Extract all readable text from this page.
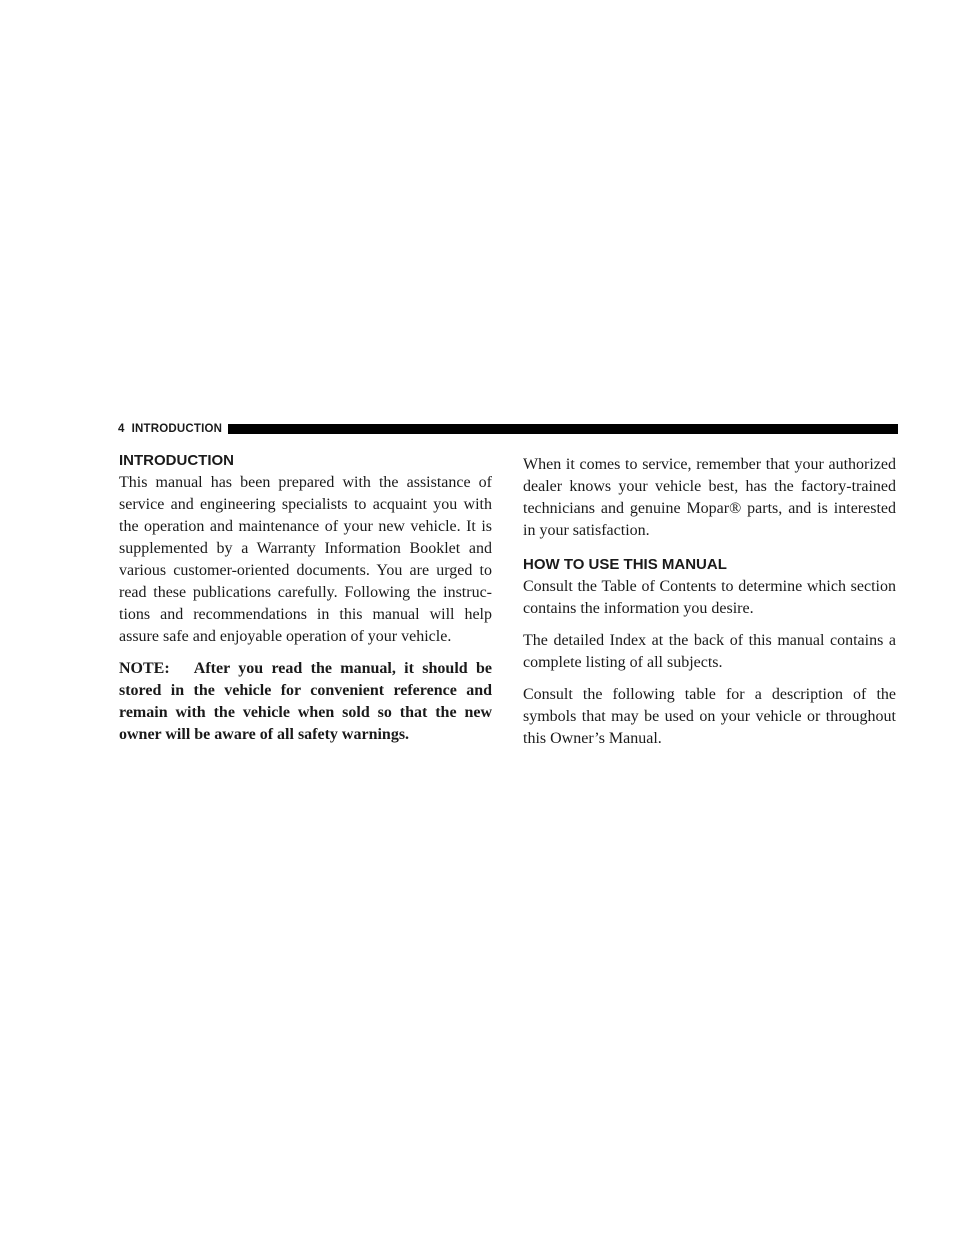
4 INTRODUCTION
INTRODUCTION

This manual has been prepared with the assistance of service and engineering specialists to acquaint you with the operation and maintenance of your new vehicle. It is supplemented by a Warranty Information Booklet and various customer-oriented documents. You are urged to read these publications carefully. Following the instruc-tions and recommendations in this manual will help assure safe and enjoyable operation of your vehicle.

NOTE:   After you read the manual, it should be stored in the vehicle for convenient reference and remain with the vehicle when sold so that the new owner will be aware of all safety warnings.

When it comes to service, remember that your authorized dealer knows your vehicle best, has the factory-trained technicians and genuine Mopar® parts, and is interested in your satisfaction.

HOW TO USE THIS MANUAL

Consult the Table of Contents to determine which section contains the information you desire.

The detailed Index at the back of this manual contains a complete listing of all subjects.

Consult the following table for a description of the symbols that may be used on your vehicle or throughout this Owner’s Manual.
